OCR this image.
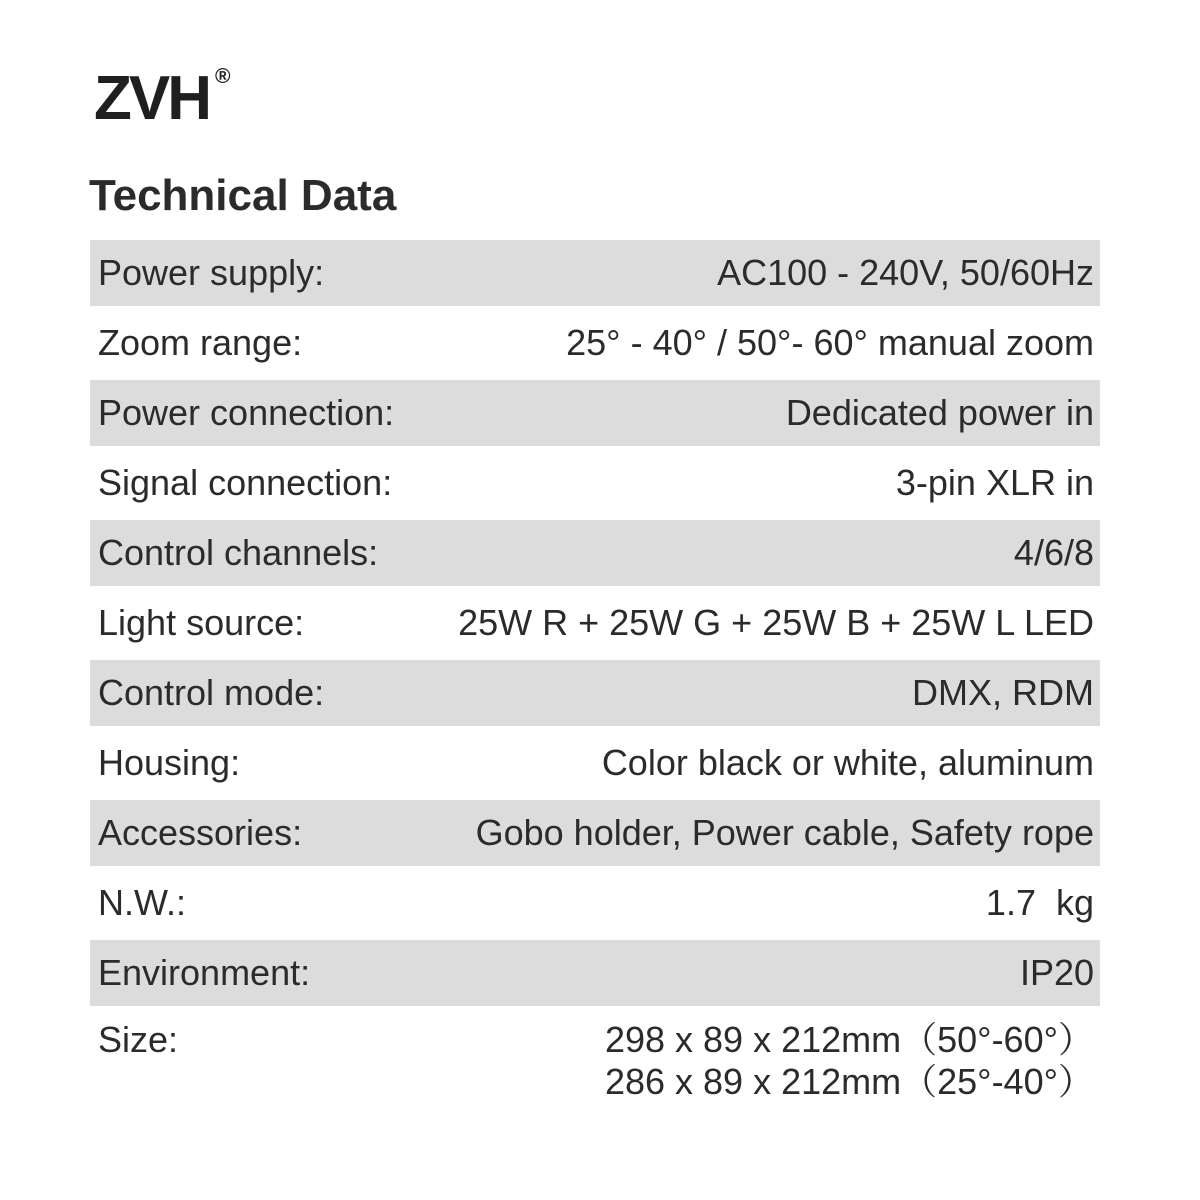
ZVH ®
Technical Data
Power supply:	AC100 - 240V, 50/60Hz
Zoom range:	25° - 40° / 50°- 60° manual zoom
Power connection:	Dedicated power in
Signal connection:	3-pin XLR in
Control channels:	4/6/8
Light source:	25W R + 25W G + 25W B + 25W L LED
Control mode:	DMX, RDM
Housing:	Color black or white, aluminum
Accessories:	Gobo holder, Power cable, Safety rope
N.W.:	1.7  kg
Environment:	IP20
Size:	298 x 89 x 212mm（50°-60°）
286 x 89 x 212mm（25°-40°）
